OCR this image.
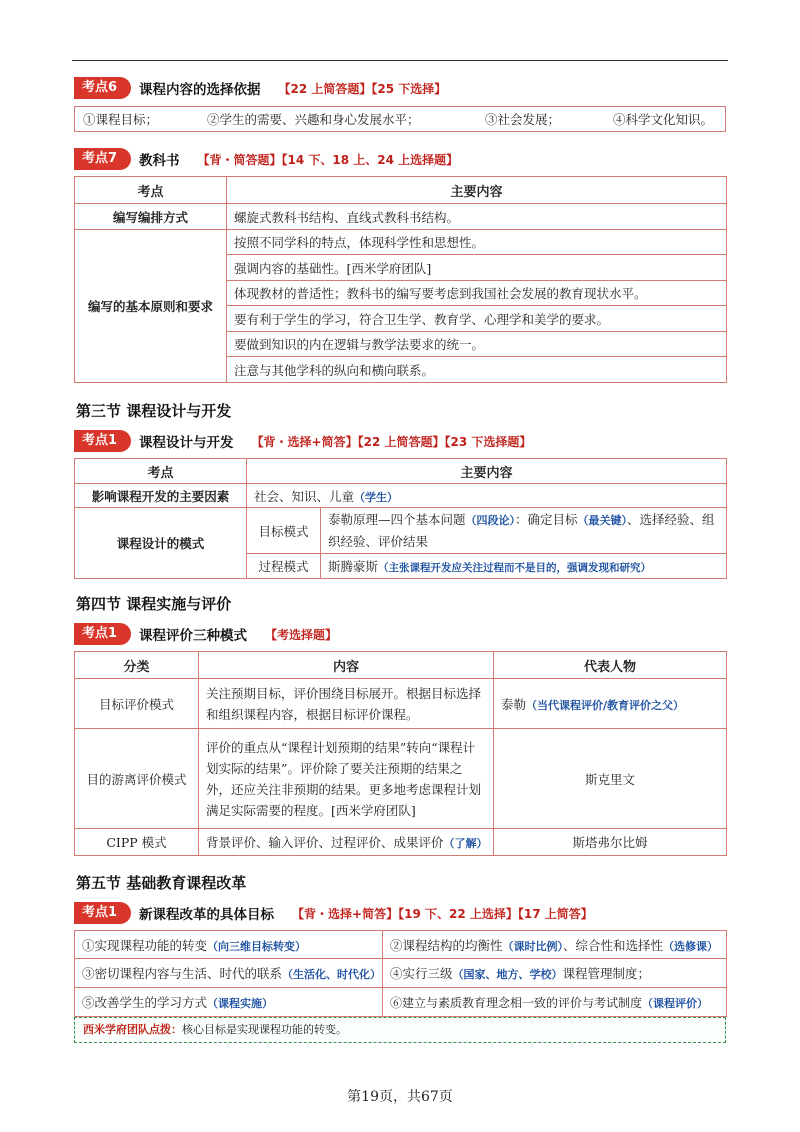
考点6	课程内容的选择依据 【22 上简答题】【25 下选择】
①课程目标；	②学生的需要、兴趣和身心发展水平；	③社会发展；	④科学文化知识。
考点7	教科书 【背・简答题】【14 下、18 上、24 上选择题】
考点	主要内容
编写编排方式	螺旋式教科书结构、直线式教科书结构。
编写的基本原则和要求	按照不同学科的特点，体现科学性和思想性。
	强调内容的基础性。[西米学府团队]
	体现教材的普适性；教科书的编写要考虑到我国社会发展的教育现状水平。
	要有利于学生的学习，符合卫生学、教育学、心理学和美学的要求。
	要做到知识的内在逻辑与教学法要求的统一。
	注意与其他学科的纵向和横向联系。
第三节 课程设计与开发
考点1	课程设计与开发 【背・选择+简答】【22 上简答题】【23 下选择题】
考点	主要内容	
影响课程开发的主要因素	社会、知识、儿童（学生）	
课程设计的模式	目标模式	泰勒原理—四个基本问题（四段论）：确定目标（最关键）、选择经验、组织经验、评价结果
	过程模式	斯腾豪斯（主张课程开发应关注过程而不是目的，强调发现和研究）
第四节 课程实施与评价
考点1	课程评价三种模式 【考选择题】
分类	内容	代表人物
目标评价模式	关注预期目标，评价围绕目标展开。根据目标选择和组织课程内容，根据目标评价课程。	泰勒（当代课程评价/教育评价之父）
目的游离评价模式	评价的重点从“课程计划预期的结果”转向“课程计划实际的结果”。评价除了要关注预期的结果之外，还应关注非预期的结果。更多地考虑课程计划满足实际需要的程度。[西米学府团队]	斯克里文
CIPP 模式	背景评价、输入评价、过程评价、成果评价（了解）	斯塔弗尔比姆
第五节 基础教育课程改革
考点1	新课程改革的具体目标 【背・选择+简答】【19 下、22 上选择】【17 上简答】
①实现课程功能的转变（向三维目标转变）	②课程结构的均衡性（课时比例）、综合性和选择性（选修课）
③密切课程内容与生活、时代的联系（生活化、时代化）	④实行三级（国家、地方、学校）课程管理制度；
⑤改善学生的学习方式（课程实施）	⑥建立与素质教育理念相一致的评价与考试制度（课程评价）
西米学府团队点拨：核心目标是实现课程功能的转变。
第19页，共67页
